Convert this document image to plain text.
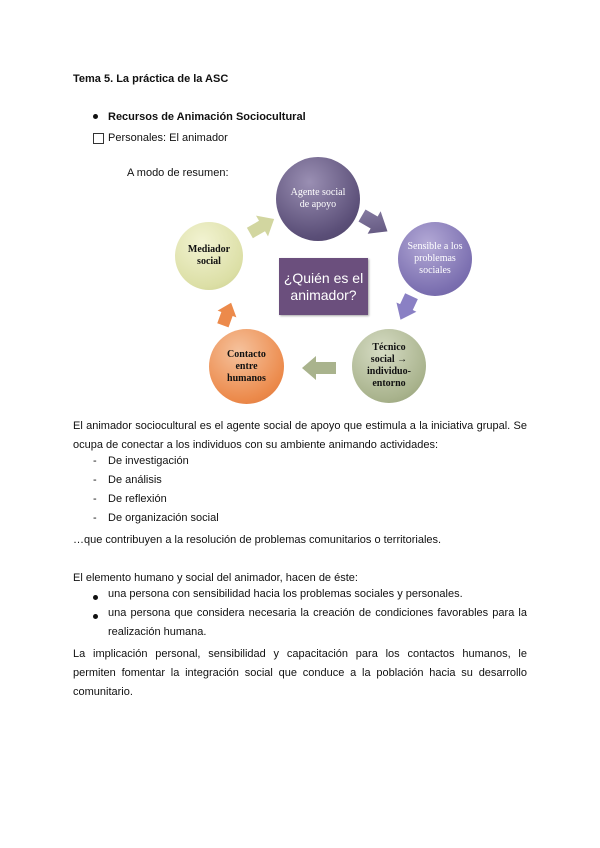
Tema 5. La práctica de la ASC
Recursos de Animación Sociocultural
Personales: El animador
A modo de resumen:
Agente social de apoyo
Sensible a los problemas sociales
Técnico social → individuo-entorno
Contacto entre humanos
Mediador social
¿Quién es el animador?
El animador sociocultural es el agente social de apoyo que estimula a la iniciativa grupal. Se
ocupa de conectar a los individuos con su ambiente animando actividades:
- De investigación
- De análisis
- De reflexión
- De organización social
…que contribuyen a la resolución de problemas comunitarios o territoriales.
El elemento humano y social del animador, hacen de éste:
una persona con sensibilidad hacia los problemas sociales y personales.
una persona que considera necesaria la creación de condiciones favorables para la
realización humana.
La implicación personal, sensibilidad y capacitación para los contactos humanos, le
permiten fomentar la integración social que conduce a la población hacia su desarrollo
comunitario.
